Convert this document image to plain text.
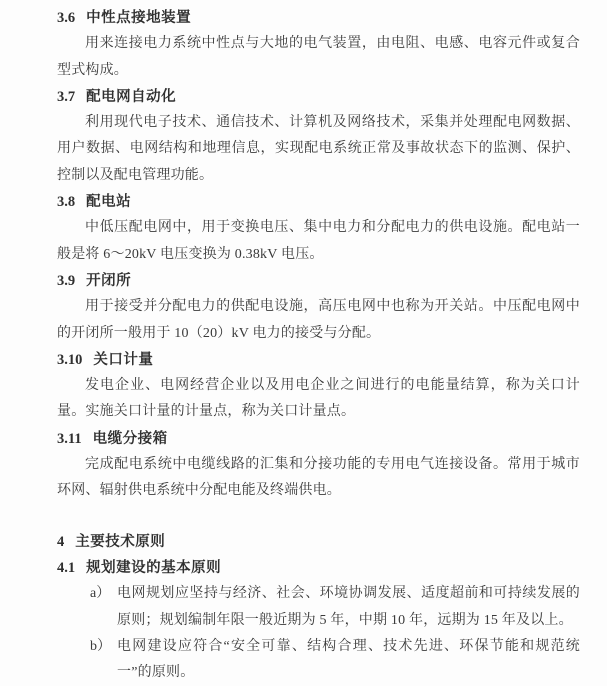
3.6 中性点接地装置

用来连接电力系统中性点与大地的电气装置，由电阻、电感、电容元件或复合型式构成。

3.7 配电网自动化

利用现代电子技术、通信技术、计算机及网络技术，采集并处理配电网数据、用户数据、电网结构和地理信息，实现配电系统正常及事故状态下的监测、保护、控制以及配电管理功能。

3.8 配电站

中低压配电网中，用于变换电压、集中电力和分配电力的供电设施。配电站一般是将 6～20kV 电压变换为 0.38kV 电压。

3.9 开闭所

用于接受并分配电力的供配电设施，高压电网中也称为开关站。中压配电网中的开闭所一般用于 10（20）kV 电力的接受与分配。

3.10 关口计量

发电企业、电网经营企业以及用电企业之间进行的电能量结算，称为关口计量。实施关口计量的计量点，称为关口计量点。

3.11 电缆分接箱

完成配电系统中电缆线路的汇集和分接功能的专用电气连接设备。常用于城市环网、辐射供电系统中分配电能及终端供电。

4 主要技术原则
4.1 规划建设的基本原则
a） 电网规划应坚持与经济、社会、环境协调发展、适度超前和可持续发展的原则；规划编制年限一般近期为 5 年，中期 10 年，远期为 15 年及以上。
b） 电网建设应符合“安全可靠、结构合理、技术先进、环保节能和规范统一”的原则。
